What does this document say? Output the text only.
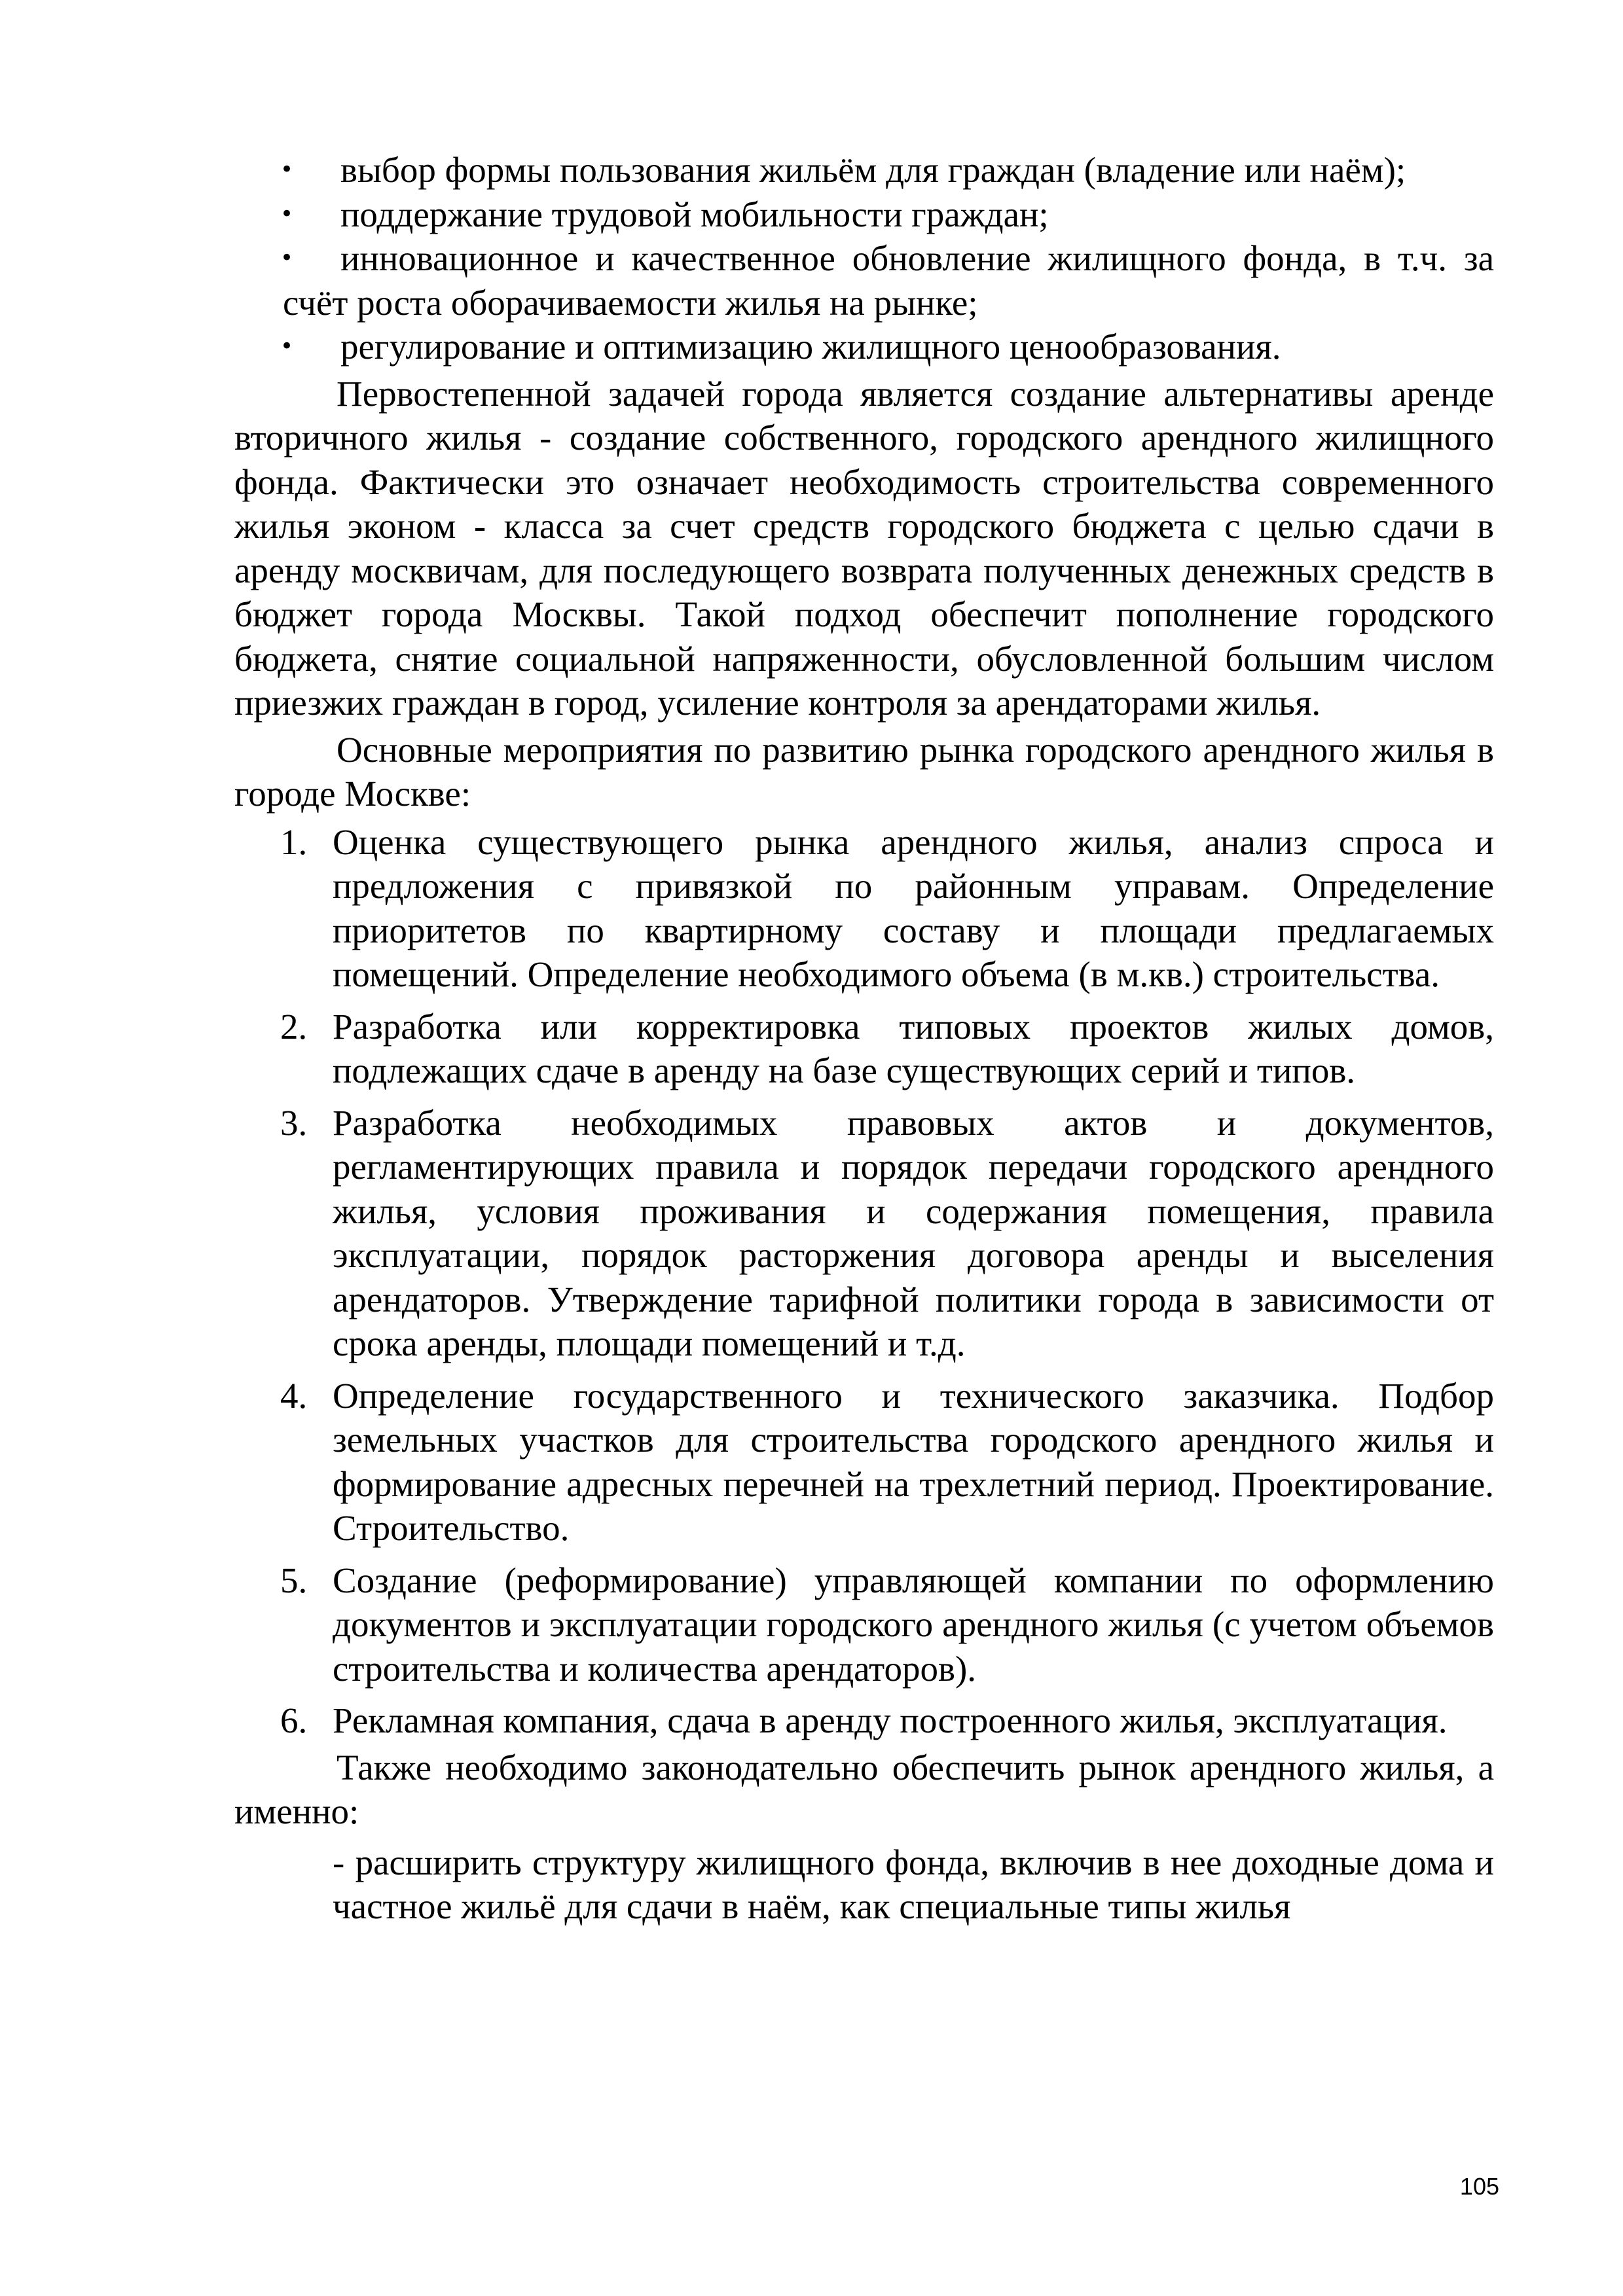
•	выбор формы пользования жильём для граждан (владение или наём);
•	поддержание трудовой мобильности граждан;
•	инновационное и качественное обновление жилищного фонда, в т.ч. за счёт роста оборачиваемости жилья на рынке;
•	регулирование и оптимизацию жилищного ценообразования.

Первостепенной задачей города является создание альтернативы аренде вторичного жилья - создание собственного, городского арендного жилищного фонда. Фактически это означает необходимость строительства современного жилья эконом - класса за счет средств городского бюджета с целью сдачи в аренду москвичам, для последующего возврата полученных денежных средств в бюджет города Москвы. Такой подход обеспечит пополнение городского бюджета, снятие социальной напряженности, обусловленной большим числом приезжих граждан в город, усиление контроля за арендаторами жилья.

Основные мероприятия по развитию рынка городского арендного жилья в городе Москве:

1. Оценка существующего рынка арендного жилья, анализ спроса и предложения с привязкой по районным управам. Определение приоритетов по квартирному составу и площади предлагаемых помещений. Определение необходимого объема (в м.кв.) строительства.
2. Разработка или корректировка типовых проектов жилых домов, подлежащих сдаче в аренду на базе существующих серий и типов.
3. Разработка необходимых правовых актов и документов, регламентирующих правила и порядок передачи городского арендного жилья, условия проживания и содержания помещения, правила эксплуатации, порядок расторжения договора аренды и выселения арендаторов. Утверждение тарифной политики города в зависимости от срока аренды, площади помещений и т.д.
4. Определение государственного и технического заказчика. Подбор земельных участков для строительства городского арендного жилья и формирование адресных перечней на трехлетний период. Проектирование. Строительство.
5. Создание (реформирование) управляющей компании по оформлению документов и эксплуатации городского арендного жилья (с учетом объемов строительства и количества арендаторов).
6. Рекламная компания, сдача в аренду построенного жилья, эксплуатация.

Также необходимо законодательно обеспечить рынок арендного жилья, а именно:

- расширить структуру жилищного фонда, включив в нее доходные дома и частное жильё для сдачи в наём, как специальные типы жилья
105
